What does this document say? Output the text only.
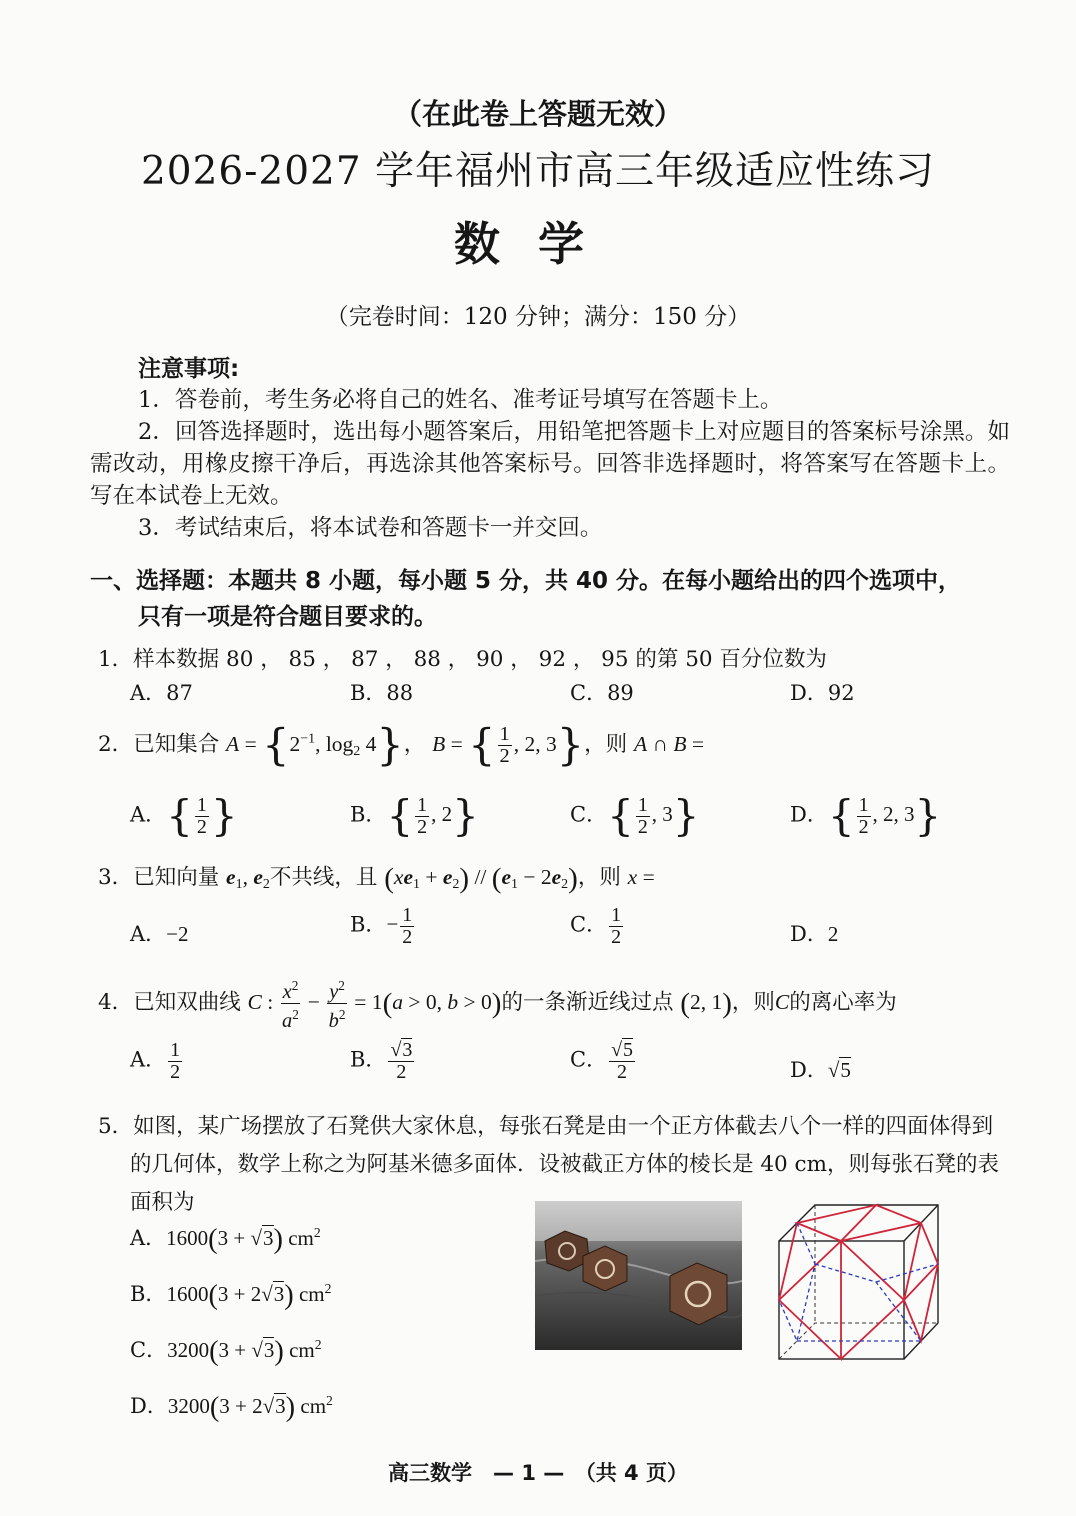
（在此卷上答题无效）
2026-2027 学年福州市高三年级适应性练习
数学
（完卷时间：120 分钟；满分：150 分）
注意事项:
1．答卷前，考生务必将自己的姓名、准考证号填写在答题卡上。
2．回答选择题时，选出每小题答案后，用铅笔把答题卡上对应题目的答案标号涂黑。如需改动，用橡皮擦干净后，再选涂其他答案标号。回答非选择题时，将答案写在答题卡上。写在本试卷上无效。
3．考试结束后，将本试卷和答题卡一并交回。
一、选择题：本题共 8 小题，每小题 5 分，共 40 分。在每小题给出的四个选项中，
只有一项是符合题目要求的。
1．样本数据 80 ， 85 ， 87 ， 88 ， 90 ， 92 ， 95 的第 50 百分位数为
A．87	B．88	C．89	D．92
2．已知集合 $A = \{2^{-1}$, $\log_2 4$}， B = { $\frac{1}{2}$ , 2, 3}，则 A ∩ B =
A．{ $\frac{1}{2}$ }	B．{ $\frac{1}{2}$ , 2}	C．{ $\frac{1}{2}$ , 3}	D．{ $\frac{1}{2}$ , 2, 3}
3．已知向量 $e_1$, $e_2$不共线，且 $(xe_1 + e_2) // (e_1 - 2e_2)$，则 x =
A．−2	B．− $\frac{1}{2}$	C． $\frac{1}{2}$	D．2
4．已知双曲线 C : $\frac{x^2}{a^2} - \frac{y^2}{b^2} = 1(a > 0$, b > 0)的一条渐近线过点 (2, 1)，则C的离心率为
A． $\frac{1}{2}$	B． $\frac{√3}{2}$	C． $\frac{√5}{2}$	D．√5
5．如图，某广场摆放了石凳供大家休息，每张石凳是由一个正方体截去八个一样的四面体得到
的几何体，数学上称之为阿基米德多面体．设被截正方体的棱长是 40 cm，则每张石凳的表
面积为
A．1600(3 + √3) $cm^2$
B．1600(3 + 2√3) $cm^2$
C．3200(3 + √3) $cm^2$
D．3200(3 + 2√3) $cm^2$
高三数学　— 1 —　（共 4 页）
